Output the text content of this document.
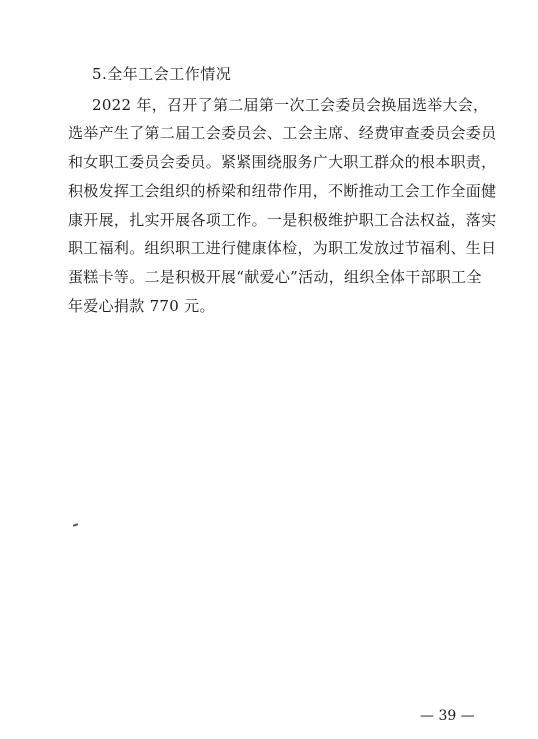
5.全年工会工作情况
2022 年，召开了第二届第一次工会委员会换届选举大会，
选举产生了第二届工会委员会、工会主席、经费审查委员会委员
和女职工委员会委员。紧紧围绕服务广大职工群众的根本职责，
积极发挥工会组织的桥梁和纽带作用，不断推动工会工作全面健
康开展，扎实开展各项工作。一是积极维护职工合法权益，落实
职工福利。组织职工进行健康体检，为职工发放过节福利、生日
蛋糕卡等。二是积极开展“献爱心”活动，组织全体干部职工全
年爱心捐款 770 元。
— 39 —
